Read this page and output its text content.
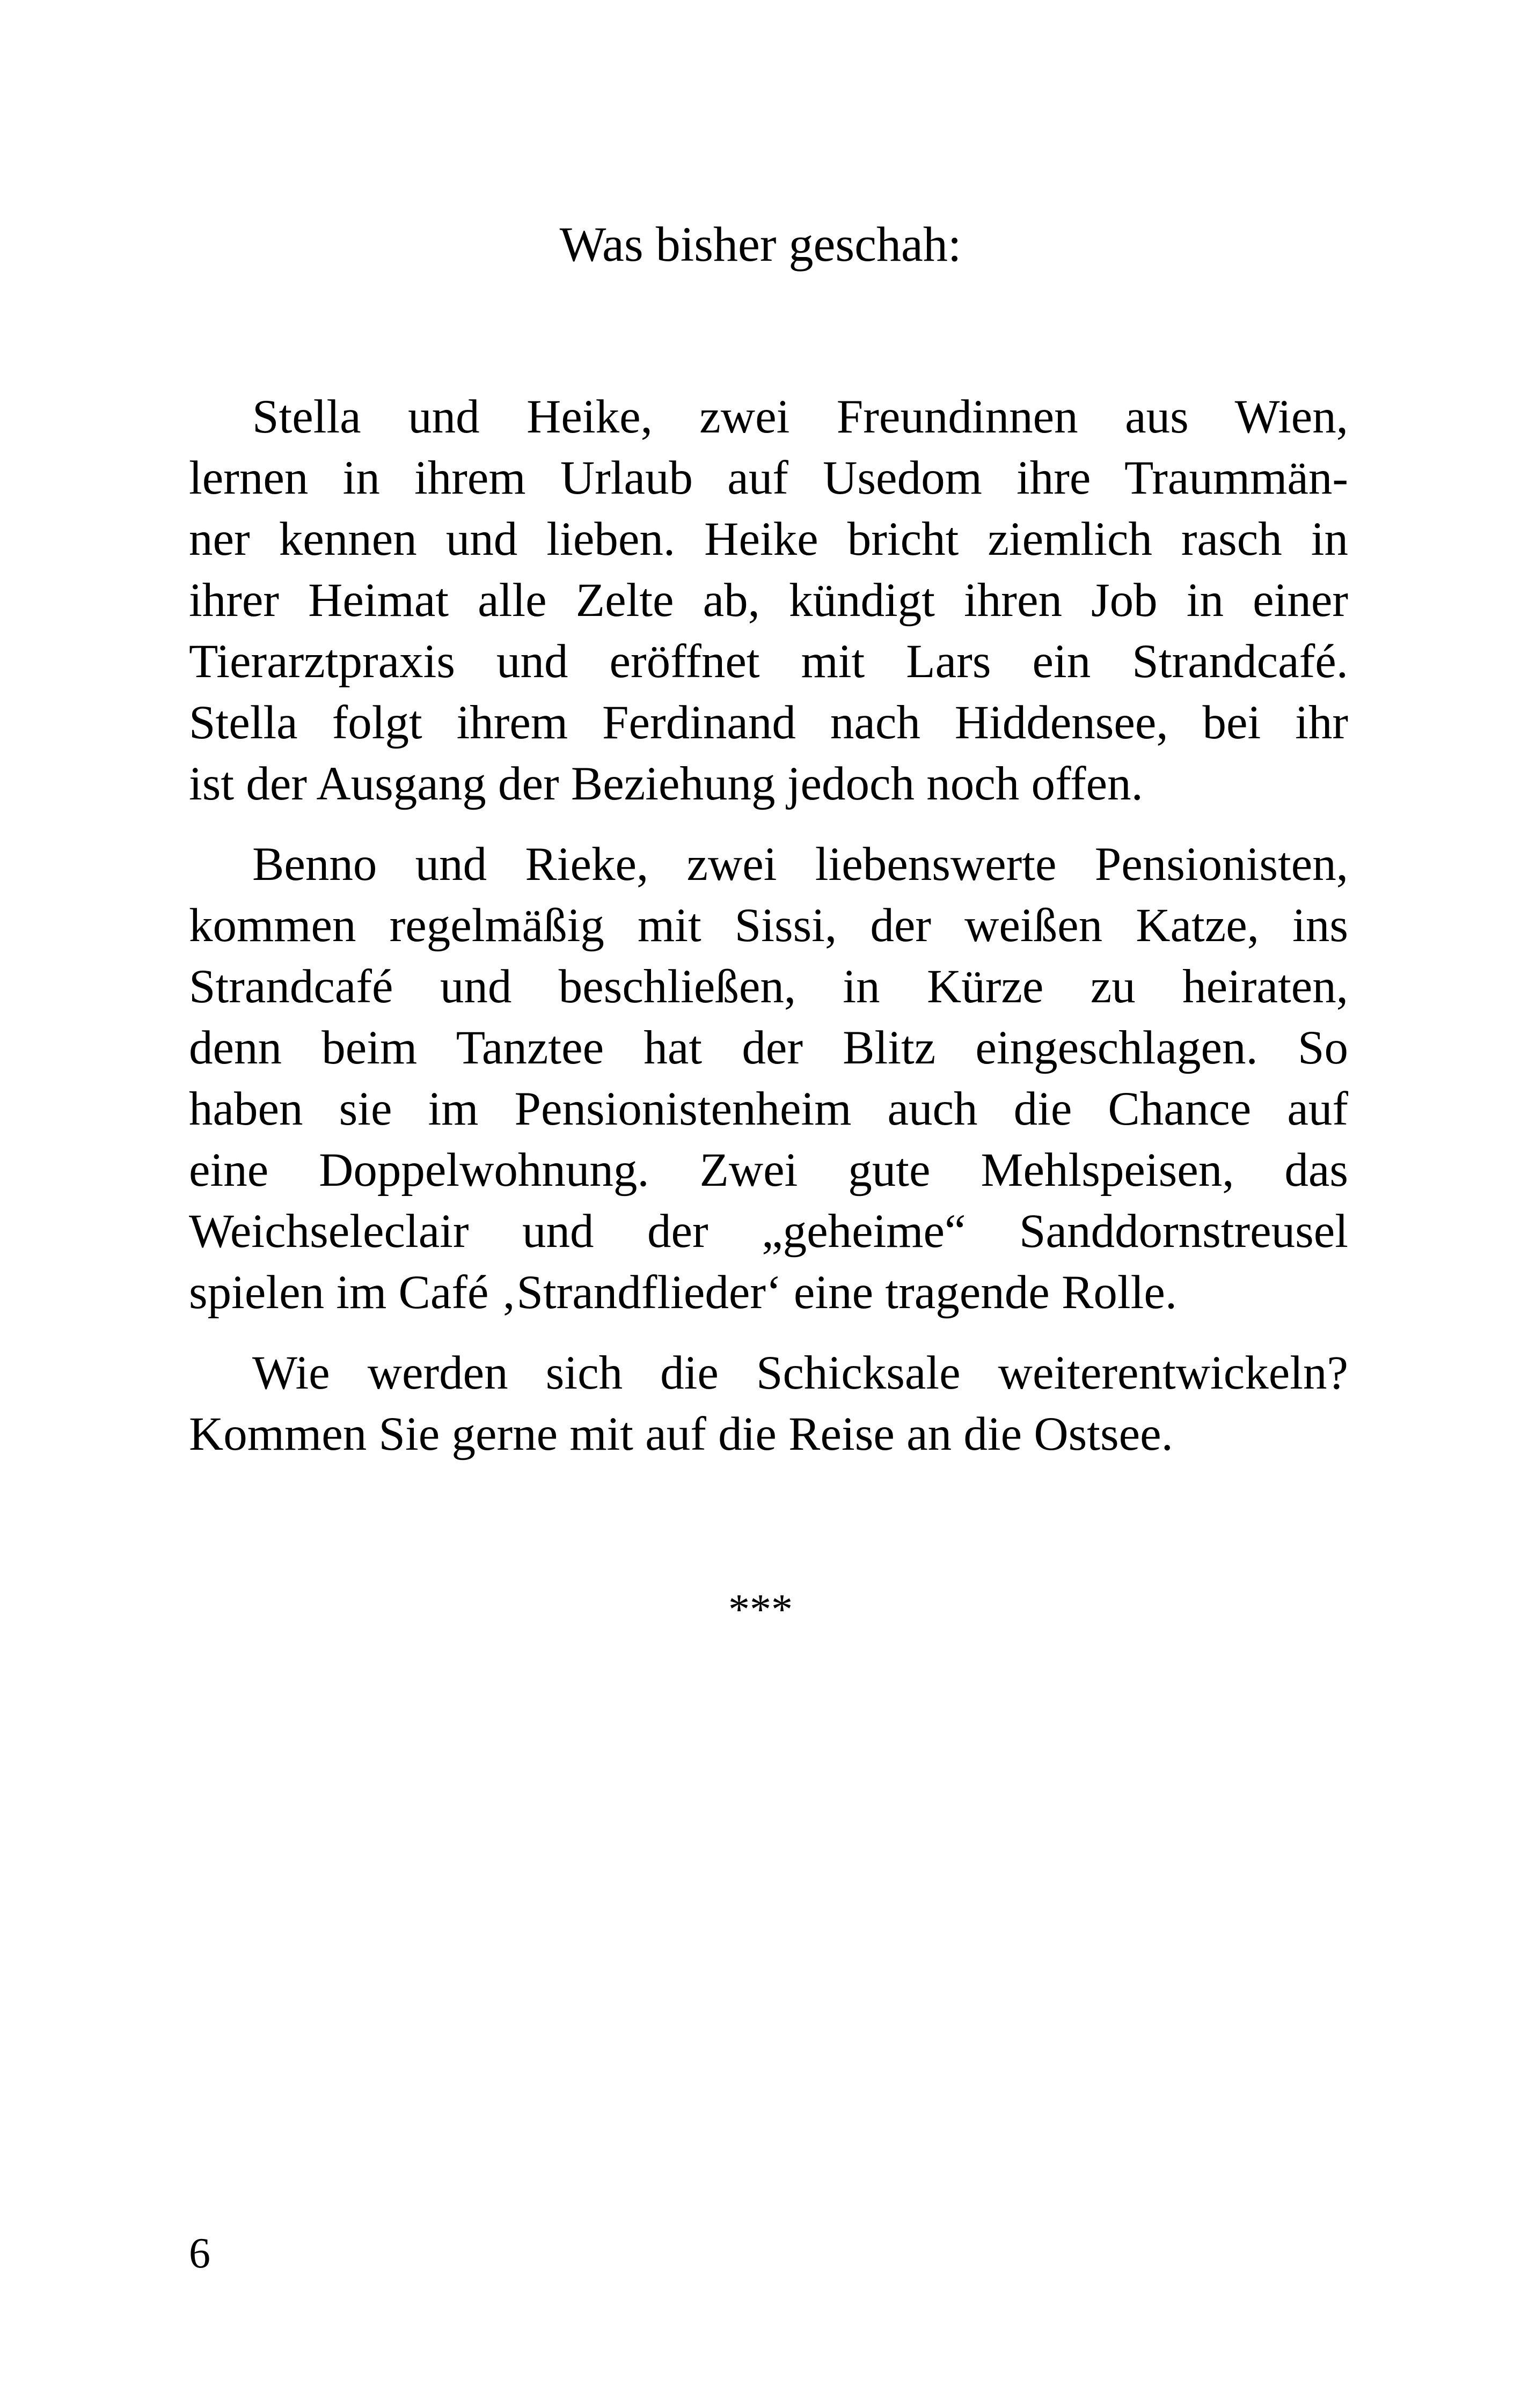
Was bisher geschah:

Stella und Heike, zwei Freundinnen aus Wien,
lernen in ihrem Urlaub auf Usedom ihre Traummän-
ner kennen und lieben. Heike bricht ziemlich rasch in
ihrer Heimat alle Zelte ab, kündigt ihren Job in einer
Tierarztpraxis und eröffnet mit Lars ein Strandcafé.
Stella folgt ihrem Ferdinand nach Hiddensee, bei ihr
ist der Ausgang der Beziehung jedoch noch offen.

Benno und Rieke, zwei liebenswerte Pensionisten,
kommen regelmäßig mit Sissi, der weißen Katze, ins
Strandcafé und beschließen, in Kürze zu heiraten,
denn beim Tanztee hat der Blitz eingeschlagen. So
haben sie im Pensionistenheim auch die Chance auf
eine Doppelwohnung. Zwei gute Mehlspeisen, das
Weichseleclair und der „geheime“ Sanddornstreusel
spielen im Café ‚Strandflieder‘ eine tragende Rolle.

Wie werden sich die Schicksale weiterentwickeln?
Kommen Sie gerne mit auf die Reise an die Ostsee.

***
6
